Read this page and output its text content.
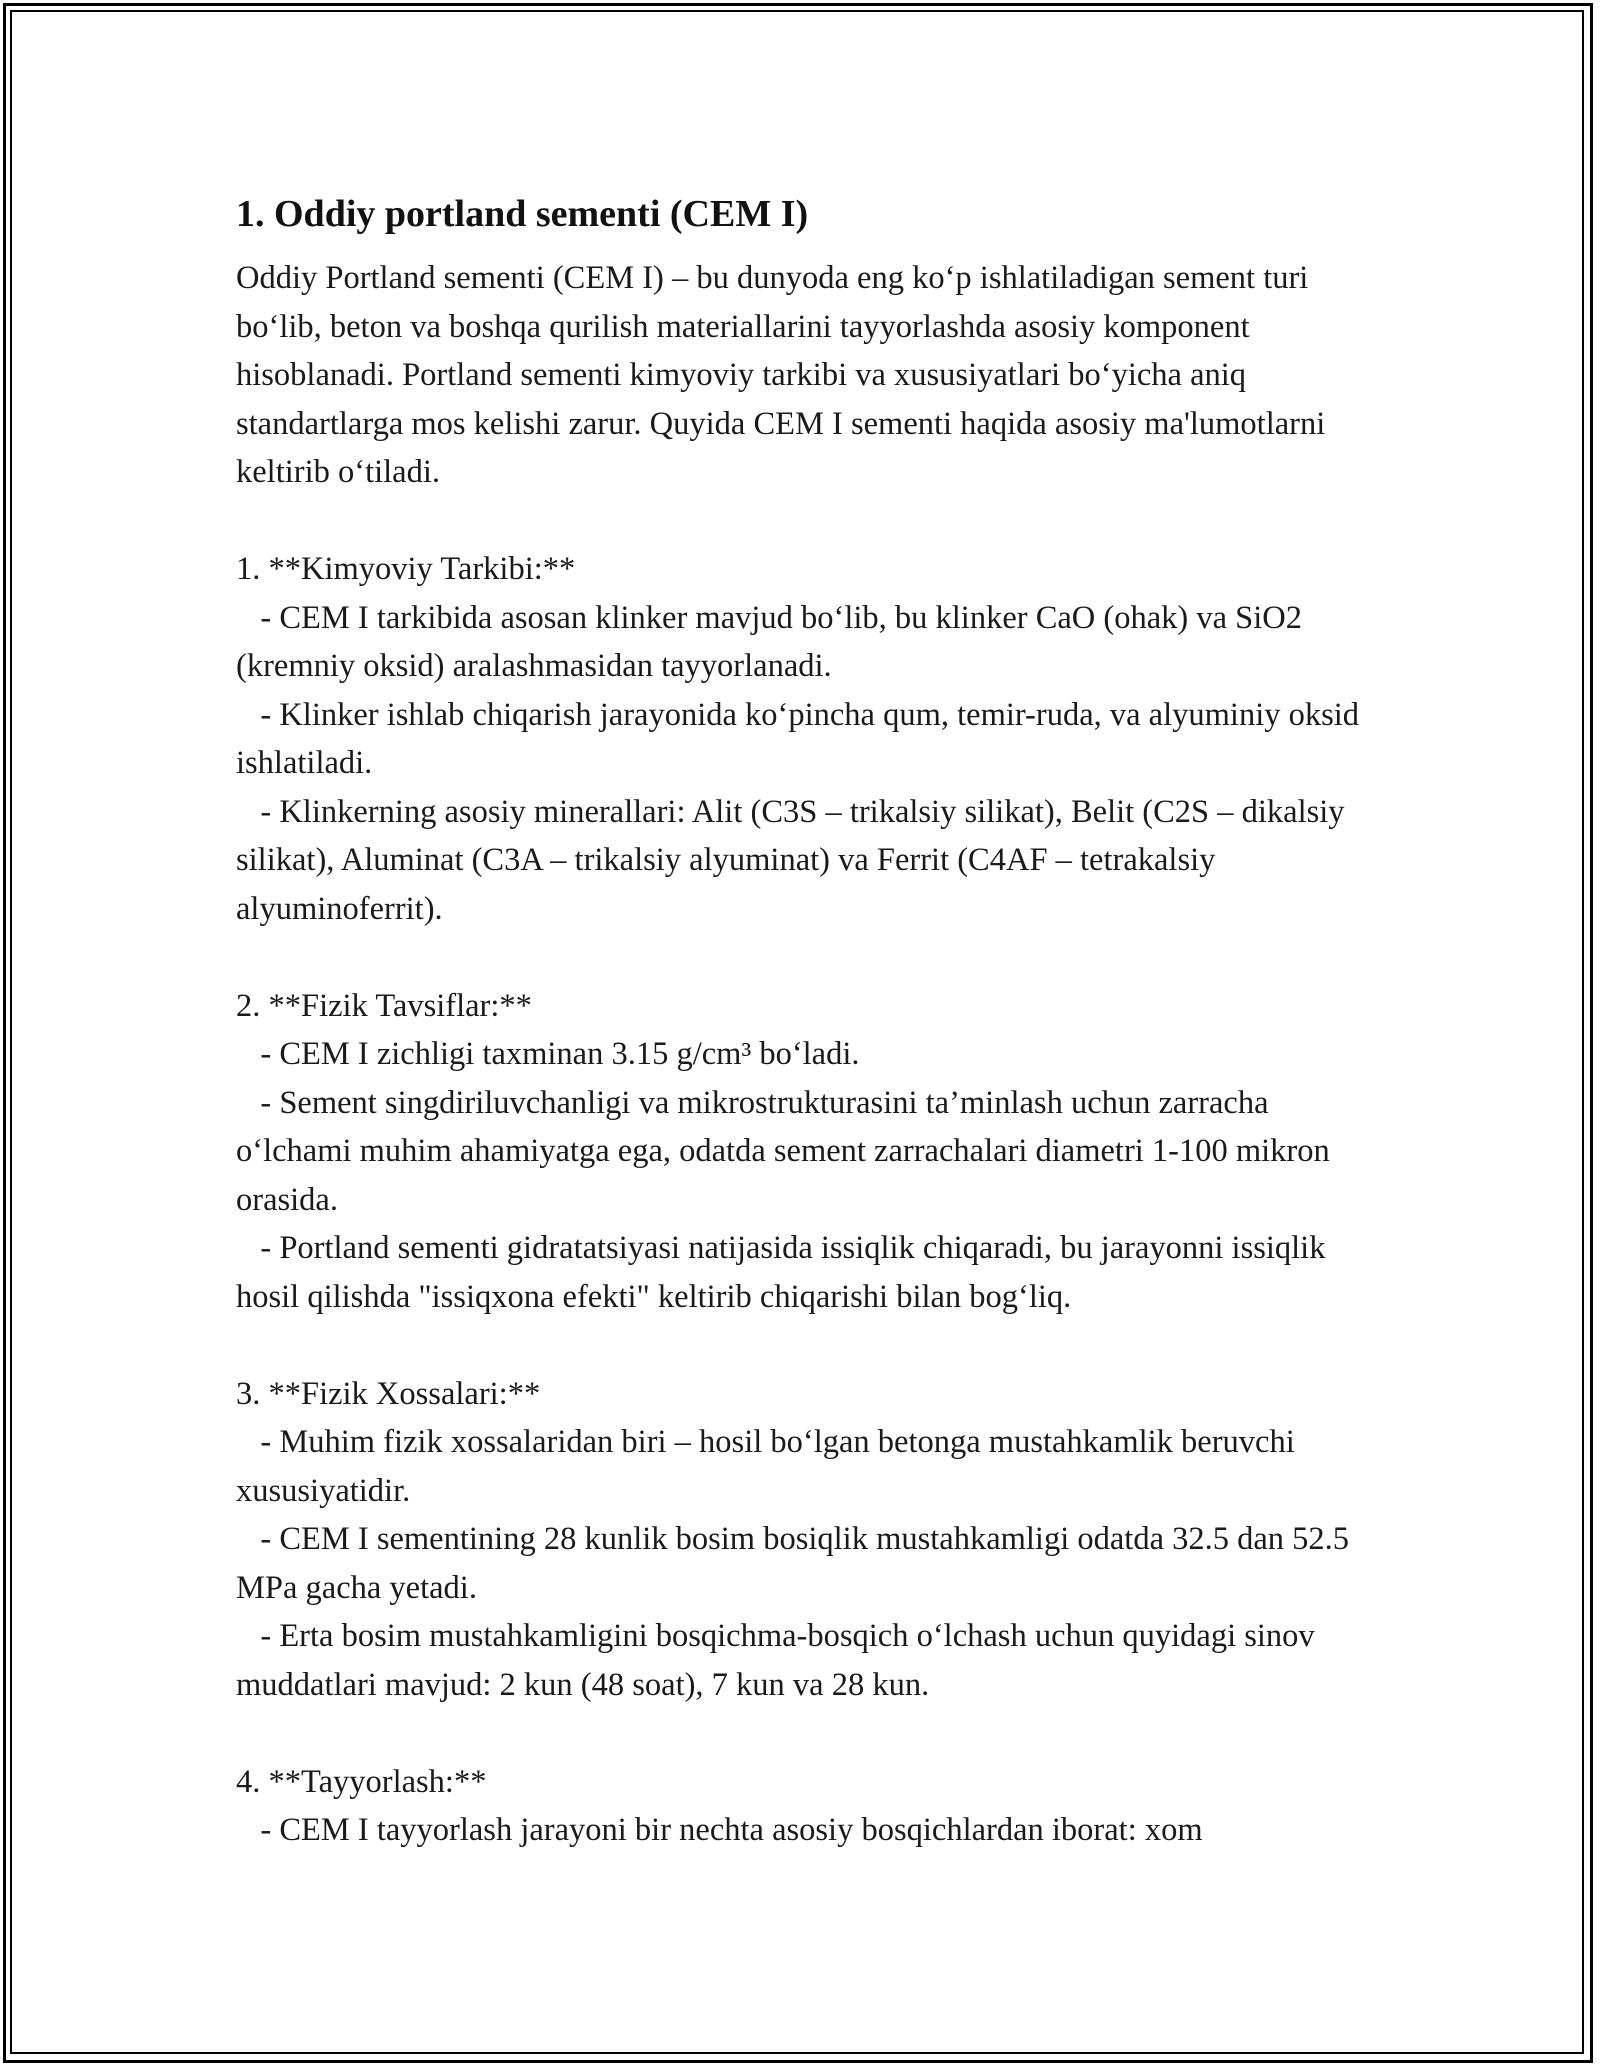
1. Oddiy portland sementi (CEM I)

Oddiy Portland sementi (CEM I) – bu dunyoda eng ko‘p ishlatiladigan sement turi bo‘lib, beton va boshqa qurilish materiallarini tayyorlashda asosiy komponent hisoblanadi. Portland sementi kimyoviy tarkibi va xususiyatlari bo‘yicha aniq standartlarga mos kelishi zarur. Quyida CEM I sementi haqida asosiy ma'lumotlarni keltirib o‘tiladi.

1. **Kimyoviy Tarkibi:**

- CEM I tarkibida asosan klinker mavjud bo‘lib, bu klinker CaO (ohak) va SiO2 (kremniy oksid) aralashmasidan tayyorlanadi.

- Klinker ishlab chiqarish jarayonida ko‘pincha qum, temir-ruda, va alyuminiy oksid ishlatiladi.

- Klinkerning asosiy minerallari: Alit (C3S – trikalsiy silikat), Belit (C2S – dikalsiy silikat), Aluminat (C3A – trikalsiy alyuminat) va Ferrit (C4AF – tetrakalsiy alyuminoferrit).

2. **Fizik Tavsiflar:**

- CEM I zichligi taxminan 3.15 g/cm³ bo‘ladi.

- Sement singdiriluvchanligi va mikrostrukturasini ta’minlash uchun zarracha o‘lchami muhim ahamiyatga ega, odatda sement zarrachalari diametri 1-100 mikron orasida.

- Portland sementi gidratatsiyasi natijasida issiqlik chiqaradi, bu jarayonni issiqlik hosil qilishda "issiqxona efekti" keltirib chiqarishi bilan bog‘liq.

3. **Fizik Xossalari:**

- Muhim fizik xossalaridan biri – hosil bo‘lgan betonga mustahkamlik beruvchi xususiyatidir.

- CEM I sementining 28 kunlik bosim bosiqlik mustahkamligi odatda 32.5 dan 52.5 MPa gacha yetadi.

- Erta bosim mustahkamligini bosqichma-bosqich o‘lchash uchun quyidagi sinov muddatlari mavjud: 2 kun (48 soat), 7 kun va 28 kun.

4. **Tayyorlash:**

- CEM I tayyorlash jarayoni bir nechta asosiy bosqichlardan iborat: xom
